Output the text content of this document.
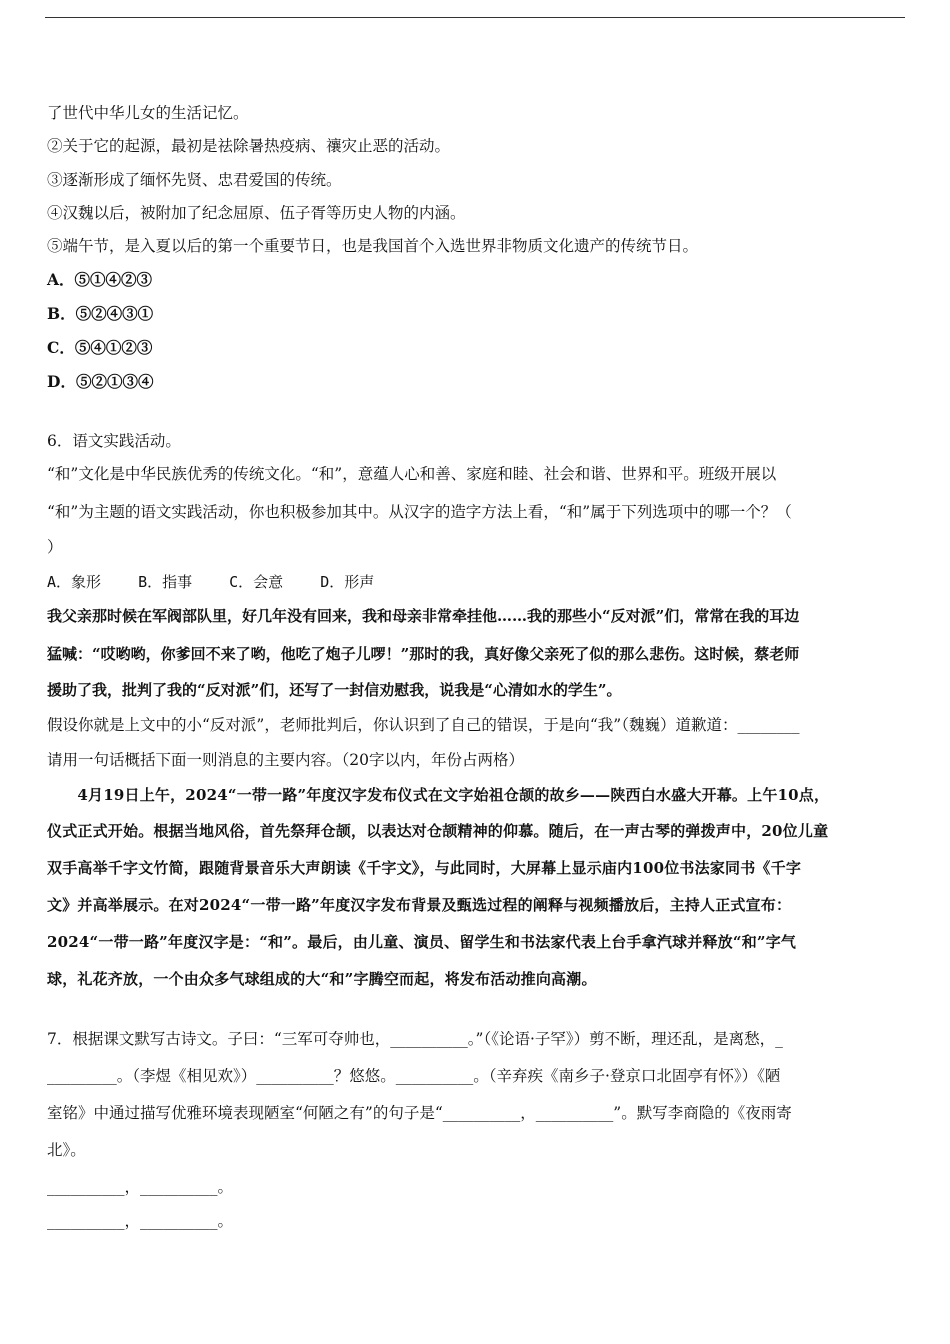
了世代中华儿女的生活记忆。
②关于它的起源，最初是祛除暑热疫病、禳灾止恶的活动。
③逐渐形成了缅怀先贤、忠君爱国的传统。
④汉魏以后，被附加了纪念屈原、伍子胥等历史人物的内涵。
⑤端午节，是入夏以后的第一个重要节日，也是我国首个入选世界非物质文化遗产的传统节日。
A．⑤①④②③
B．⑤②④③①
C．⑤④①②③
D．⑤②①③④
6．语文实践活动。
“和”文化是中华民族优秀的传统文化。“和”，意蕴人心和善、家庭和睦、社会和谐、世界和平。班级开展以
“和”为主题的语文实践活动，你也积极参加其中。从汉字的造字方法上看，“和”属于下列选项中的哪一个？（
）
A．象形 B．指事 C．会意 D．形声
我父亲那时候在军阀部队里，好几年没有回来，我和母亲非常牵挂他……我的那些小“反对派”们，常常在我的耳边
猛喊：“哎哟哟，你爹回不来了哟，他吃了炮子儿啰！”那时的我，真好像父亲死了似的那么悲伤。这时候，蔡老师
援助了我，批判了我的“反对派”们，还写了一封信劝慰我，说我是“心清如水的学生”。
假设你就是上文中的小“反对派”，老师批判后，你认识到了自己的错误，于是向“我”（魏巍）道歉道：________
请用一句话概括下面一则消息的主要内容。（20字以内，年份占两格）
　　4月19日上午，2024“一带一路”年度汉字发布仪式在文字始祖仓颉的故乡——陕西白水盛大开幕。上午10点，
仪式正式开始。根据当地风俗，首先祭拜仓颉，以表达对仓颉精神的仰慕。随后，在一声古琴的弹拨声中，20位儿童
双手高举千字文竹简，跟随背景音乐大声朗读《千字文》，与此同时，大屏幕上显示庙内100位书法家同书《千字
文》并高举展示。在对2024“一带一路”年度汉字发布背景及甄选过程的阐释与视频播放后，主持人正式宣布：
2024“一带一路”年度汉字是：“和”。最后，由儿童、演员、留学生和书法家代表上台手拿汽球并释放“和”字气
球，礼花齐放，一个由众多气球组成的大“和”字腾空而起，将发布活动推向高潮。
7．根据课文默写古诗文。子曰：“三军可夺帅也，__________。”（《论语·子罕》）剪不断，理还乱，是离愁，_
_________。（李煜《相见欢》）__________？悠悠。__________。（辛弃疾《南乡子·登京口北固亭有怀》）《陋
室铭》中通过描写优雅环境表现陋室“何陋之有”的句子是“__________，__________”。默写李商隐的《夜雨寄
北》。
__________，__________。
__________，__________。
